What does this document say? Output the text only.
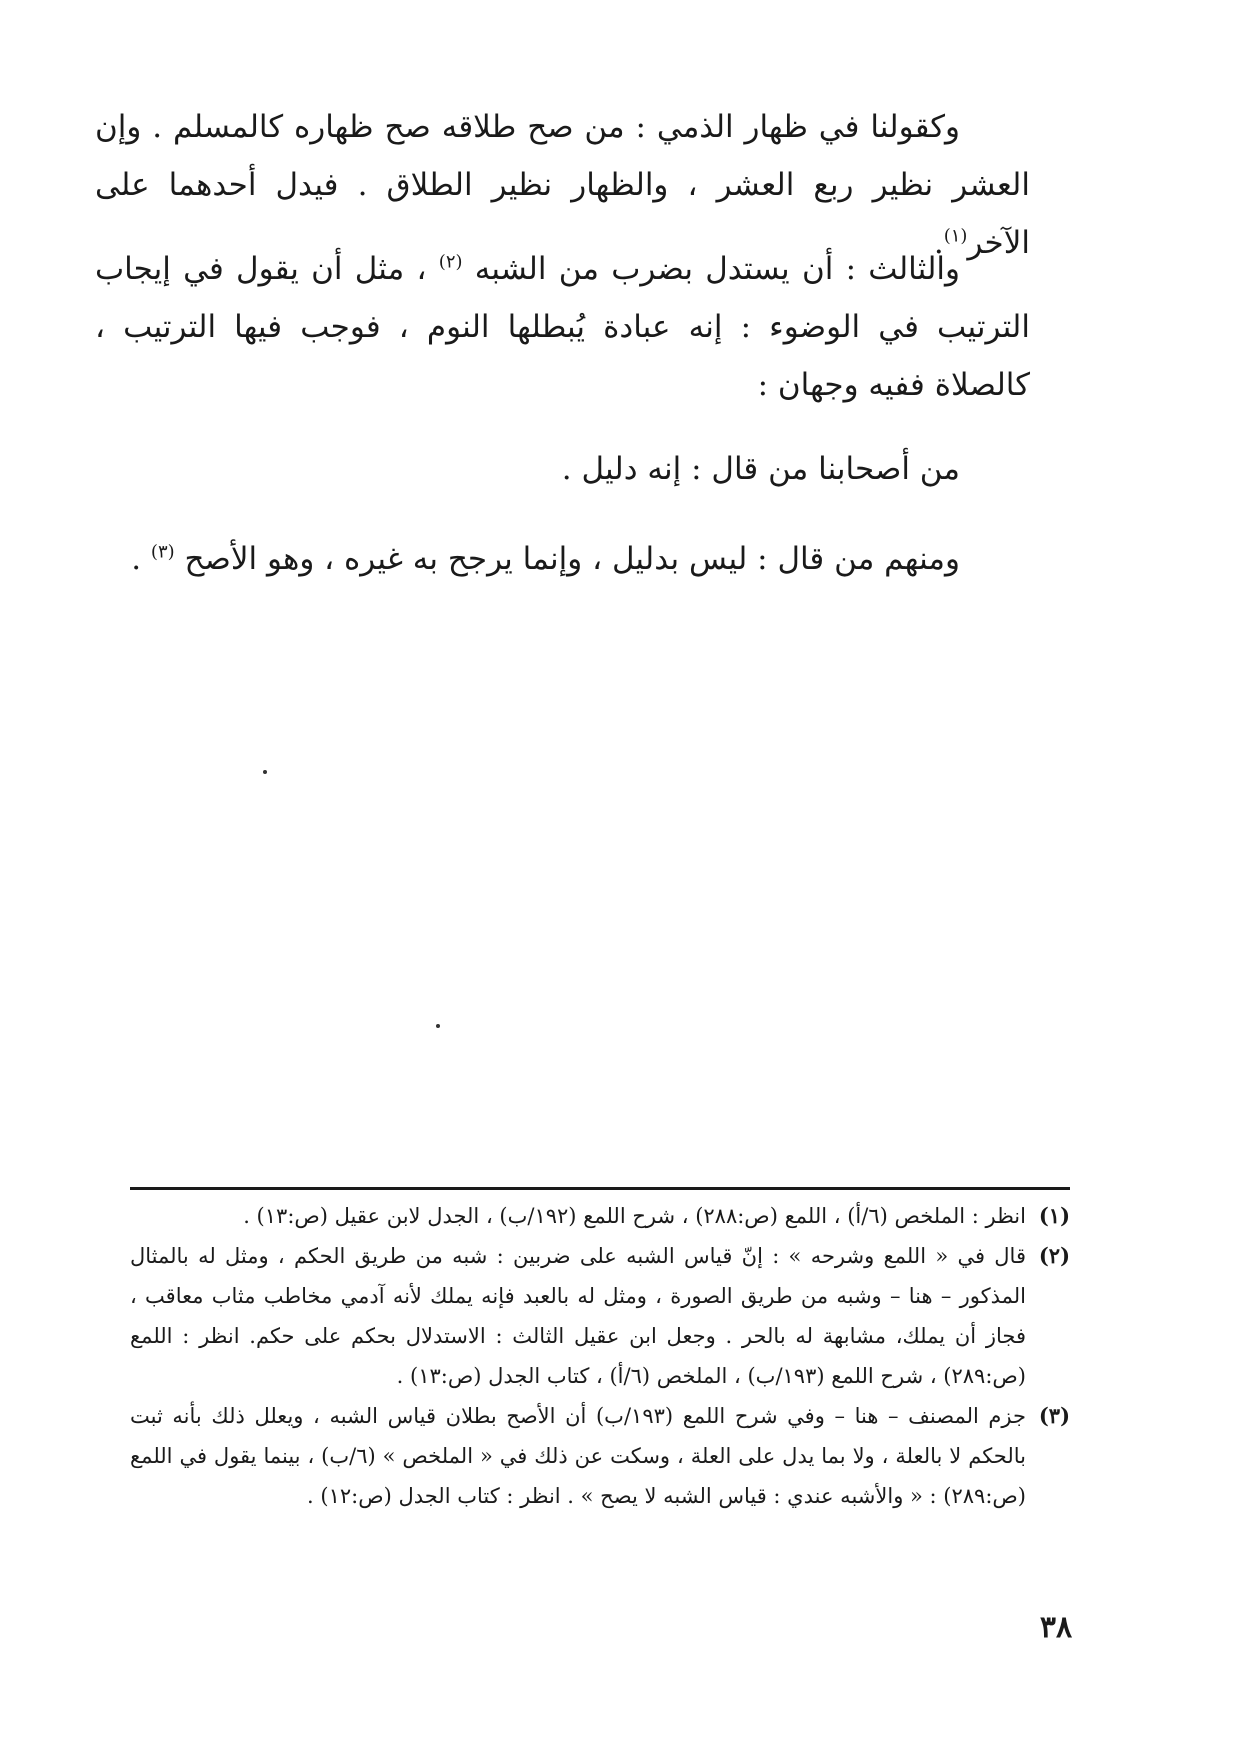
وكقولنا في ظهار الذمي : من صح طلاقه صح ظهاره كالمسلم . وإن العشر نظير ربع العشر ، والظهار نظير الطلاق . فيدل أحدهما على الآخر$^{(١)}$.

والثالث : أن يستدل بضرب من الشبه $^{(٢)}$ ، مثل أن يقول في إيجاب الترتيب في الوضوء : إنه عبادة يُبطلها النوم ، فوجب فيها الترتيب ، كالصلاة ففيه وجهان :

من أصحابنا من قال : إنه دليل .

ومنهم من قال : ليس بدليل ، وإنما يرجح به غيره ، وهو الأصح $^{(٣)}$ .

(١)
انظر : الملخص (٦/أ) ، اللمع (ص:٢٨٨) ، شرح اللمع (١٩٢/ب) ، الجدل لابن عقيل (ص:١٣) .

(٢)
قال في « اللمع وشرحه » : إنّ قياس الشبه على ضربين : شبه من طريق الحكم ، ومثل له بالمثال المذكور – هنا – وشبه من طريق الصورة ، ومثل له بالعبد فإنه يملك لأنه آدمي مخاطب مثاب معاقب ، فجاز أن يملك، مشابهة له بالحر . وجعل ابن عقيل الثالث : الاستدلال بحكم على حكم. انظر : اللمع (ص:٢٨٩) ، شرح اللمع (١٩٣/ب) ، الملخص (٦/أ) ، كتاب الجدل (ص:١٣) .

(٣)
جزم المصنف – هنا – وفي شرح اللمع (١٩٣/ب) أن الأصح بطلان قياس الشبه ، ويعلل ذلك بأنه ثبت بالحكم لا بالعلة ، ولا بما يدل على العلة ، وسكت عن ذلك في « الملخص » (٦/ب) ، بينما يقول في اللمع (ص:٢٨٩) : « والأشبه عندي : قياس الشبه لا يصح » . انظر : كتاب الجدل (ص:١٢) .

٣٨
